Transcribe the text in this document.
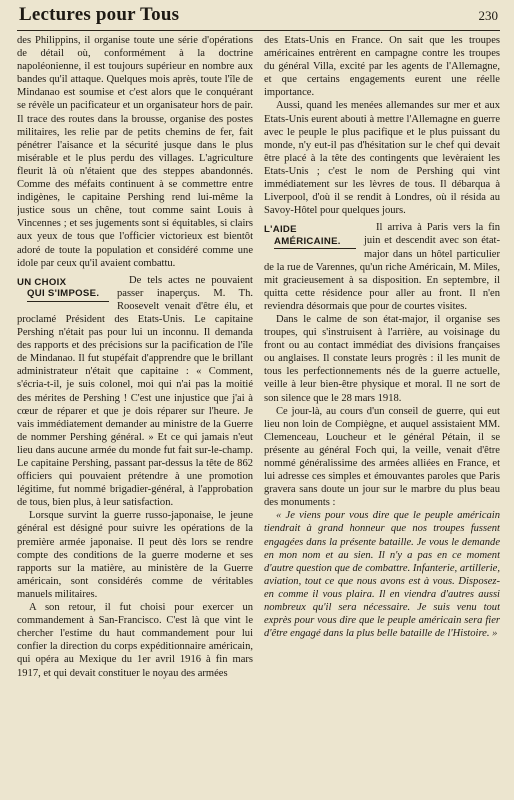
Lectures pour Tous	230

des Philippins, il organise toute une série d'opérations de détail où, conformément à la doctrine napoléonienne, il est toujours supérieur en nombre aux bandes qu'il attaque. Quelques mois après, toute l'île de Mindanao est soumise et c'est alors que le conquérant se révèle un pacificateur et un organisateur hors de pair. Il trace des routes dans la brousse, organise des postes militaires, les relie par de petits chemins de fer, fait pénétrer l'aisance et la sécurité jusque dans le plus misérable et le plus perdu des villages. L'agriculture fleurit là où n'étaient que des steppes abandonnés. Comme des méfaits continuent à se commettre entre indigènes, le capitaine Pershing rend lui-même la justice sous un chêne, tout comme saint Louis à Vincennes ; et ses jugements sont si équitables, si clairs aux yeux de tous que l'officier victorieux est bientôt adoré de toute la population et considéré comme une idole par ceux qu'il avaient combattu.

UN CHOIX
QUI S'IMPOSE.
De tels actes ne pouvaient passer inaperçus. M. Th. Roosevelt venait d'être élu, et proclamé Président des Etats-Unis. Le capitaine Pershing n'était pas pour lui un inconnu. Il demanda des rapports et des précisions sur la pacification de l'île de Mindanao. Il fut stupéfait d'apprendre que le brillant administrateur n'était que capitaine : « Comment, s'écria-t-il, je suis colonel, moi qui n'ai pas la moitié des mérites de Pershing ! C'est une injustice que j'ai à cœur de réparer et que je dois réparer sur l'heure. Je vais immédiatement demander au ministre de la Guerre de nommer Pershing général. » Et ce qui jamais n'eut lieu dans aucune armée du monde fut fait sur-le-champ. Le capitaine Pershing, passant par-dessus la tête de 862 officiers qui pouvaient prétendre à une promotion légitime, fut nommé brigadier-général, à l'approbation de tous, bien plus, à leur satisfaction.

Lorsque survint la guerre russo-japonaise, le jeune général est désigné pour suivre les opérations de la première armée japonaise. Il peut dès lors se rendre compte des conditions de la guerre moderne et ses rapports sur la matière, au ministère de la Guerre américain, sont considérés comme de véritables manuels militaires.

A son retour, il fut choisi pour exercer un commandement à San-Francisco. C'est là que vint le chercher l'estime du haut commandement pour lui confier la direction du corps expéditionnaire américain, qui opéra au Mexique du 1er avril 1916 à fin mars 1917, et qui devait constituer le noyau des armées

des Etats-Unis en France. On sait que les troupes américaines entrèrent en campagne contre les troupes du général Villa, excité par les agents de l'Allemagne, et que certains engagements eurent une réelle importance.

Aussi, quand les menées allemandes sur mer et aux Etats-Unis eurent abouti à mettre l'Allemagne en guerre avec le peuple le plus pacifique et le plus puissant du monde, n'y eut-il pas d'hésitation sur le chef qui devait être placé à la tête des contingents que levèraient les Etats-Unis ; c'est le nom de Pershing qui vint immédiatement sur les lèvres de tous. Il débarqua à Liverpool, d'où il se rendit à Londres, où il résida au Savoy-Hôtel pour quelques jours.

L'AIDE
AMÉRICAINE.
Il arriva à Paris vers la fin juin et descendit avec son état-major dans un hôtel particulier de la rue de Varennes, qu'un riche Américain, M. Miles, mit gracieusement à sa disposition. En septembre, il quitta cette résidence pour aller au front. Il n'en reviendra désormais que pour de courtes visites.

Dans le calme de son état-major, il organise ses troupes, qui s'instruisent à l'arrière, au voisinage du front ou au contact immédiat des divisions françaises ou anglaises. Il constate leurs progrès : il les munit de tous les perfectionnements nés de la guerre actuelle, veille à leur bien-être physique et moral. Il ne sort de son silence que le 28 mars 1918.

Ce jour-là, au cours d'un conseil de guerre, qui eut lieu non loin de Compiègne, et auquel assistaient MM. Clemenceau, Loucheur et le général Pétain, il se présente au général Foch qui, la veille, venait d'être nommé généralissime des armées alliées en France, et lui adresse ces simples et émouvantes paroles que Paris gravera sans doute un jour sur le marbre du plus beau des monuments :

« Je viens pour vous dire que le peuple américain tiendrait à grand honneur que nos troupes fussent engagées dans la présente bataille. Je vous le demande en mon nom et au sien. Il n'y a pas en ce moment d'autre question que de combattre. Infanterie, artillerie, aviation, tout ce que nous avons est à vous. Disposez-en comme il vous plaira. Il en viendra d'autres aussi nombreux qu'il sera nécessaire. Je suis venu tout exprès pour vous dire que le peuple américain sera fier d'être engagé dans la plus belle bataille de l'Histoire. »
